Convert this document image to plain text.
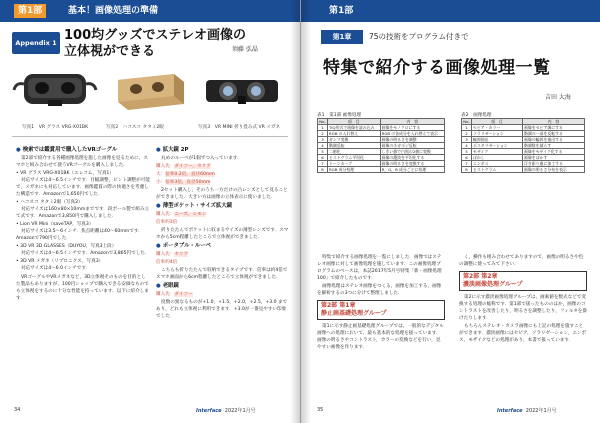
第1部	基本！画像処理の準備
Appendix 1 100均グッズでステレオ画像の
立体視ができる	須藤 弘晶
写真1　VR グラス VRG-X01BK	写真2　ハコスコ タタミ2眼	写真3　VR MINI 折り畳み式 VR メガネ
● 検索では鑑賞用で購入したVRゴーグル
第2部で紹介する各種画像処理を施した画像を見るために，スマホと組み合わせて使うVRゴーグルを購入しました．
• VR グラス VRG-X01BK（エレコム，写真1）
対応サイズは4～6.5インチです．目幅調整，ピント調整が可能で，メガネにも対応しています．画像鑑賞の際の快適さを考慮した構造です．Amazonで1,650円でした．
• ハコスコ タタミ2眼（写真2）
対応サイズは160×80×10mmまでです．段ボール製で組み立て式です．Amazonで3,850円で購入しました．
• Lion VR Mini（saveTAP，写真3）
対応サイズは3.5～6インチ．焦点距離は40～60mmです．Amazonで790円でした．
• 3D VR 3D GLASSES（DUYOU，写真3上段）
対応サイズは4～6.5インチです．Amazonで3,865円でした．
• 3D VR メガネ（リプロニクス，写真3）
対応サイズは4～6.0インチです．
VRゴーグルやVRメガネなど，3D立体視そのものを目的とした製品もありますが，100円ショップで購入できる安価なものでも立体視をするのに十分な性能を持っています．以下に紹介します．
● 拡大鏡 2P
丸めのルーペが1個ずつ入っています．
購入先：ダイソー，セリア
大：倍率0.2倍，直径60mm
小：倍率3倍，直径50mm
2セット購入し，そのうち一方だけの凸レンズとして見ることができました．大きい方は画像の立体表示に使いました．
● 薄型ポケット・サイズ拡大鏡
購入先：ニーズ，レモン
倍率約3倍
折りたたんでポケットに収まるサイズの薄型レンズです．スマホから5cm程離したところで立体視ができました．
● ポータブル・ルーペ
購入先：セリア
倍率約4倍
こちらも折りたたんで収納できるタイプです．倍率は約4倍でスマホ画面から6cm程離したところで立体視ができました．
● 老眼鏡
購入先：ダイソー
度数の異なるものが+1.0，+1.5，+2.0，+2.5，+3.0 まであり，どれも立体視に利用できます．+3.0が一番見やすい印象でした．
34	Interface 2022年1月号
第1部
第1章	75の技術をプログラム付きで
特集で紹介する画像処理一覧
吉田 大海
表1　第1部 画像処理
No.	項　目	内　容
1	TIQ形式で画像を読み込み	画像をモノクロにする
2	RGB の入れ替え	RGB の各成分を入れ替えて表示
3	ガンマ変換	画像の明るさを調整
4	階調反転	画像のネガポジ反転
5	二値化	しきい値で白黒の2値に変換
6	ヒストグラム平坦化	画像の濃淡を平坦化する
7	トーンカーブ	画像の明るさを変換する
8	RGB 成分処理	R，G，B 成分ごとに処理
表2　画像処理
No.	項　目	内　容
1	セピア・カラー	画像をセピア調にする
2	ソラリゼーション	階調の一部を反転する
3	輪郭抽出	画像の輪郭を抽出する
4	ポスタリゼーション	階調数を減らす
5	モザイク	画像をモザイク化する
6	ぼかし	画像をぼかす
7	エンボス	浮き彫り風に加工する
8	ヒストグラム	画像の明るさ分布を表示
特集で紹介する画像処理を一覧にしました．画像ではステレオ画像に対して画像処理を施しています．この画像処理プログラムのベースは，本誌2017年5月号特集「新・画像処理100」で紹介したものです．
画像処理はステレオ画像をつくる，画像を加工する，画像を解析するの3つに分けて整理しました．
第2部 第1章
静止画基礎処理グループ
第1に示す静止画基礎処理グループでは，一般的なデジタル画像への処理において，最も基本的な処理を扱っています．画像の明るさやコントラスト，カラーの変換などを行い，見やすい画像を作ります．
く，操作も組み合わせてありますので，画像の明るさや色の調整に使ってみて下さい．
第2部 第2章
濃淡画像処理グループ
第2に示す濃淡画像処理グループは，画素値を数式などで変換する処理の総称です．第1部で扱ったもののほか，画像のコントラストを改善したり，明るさを調整したり，フィルタを掛けたりします．
もちろんステレオ・カメラ画像にも上記の処理を施すことができます．濃淡画像にはセピア，ソラリゼーション，エンボス，モザイクなどの処理があり，本書で扱っています．
35	Interface 2022年1月号
